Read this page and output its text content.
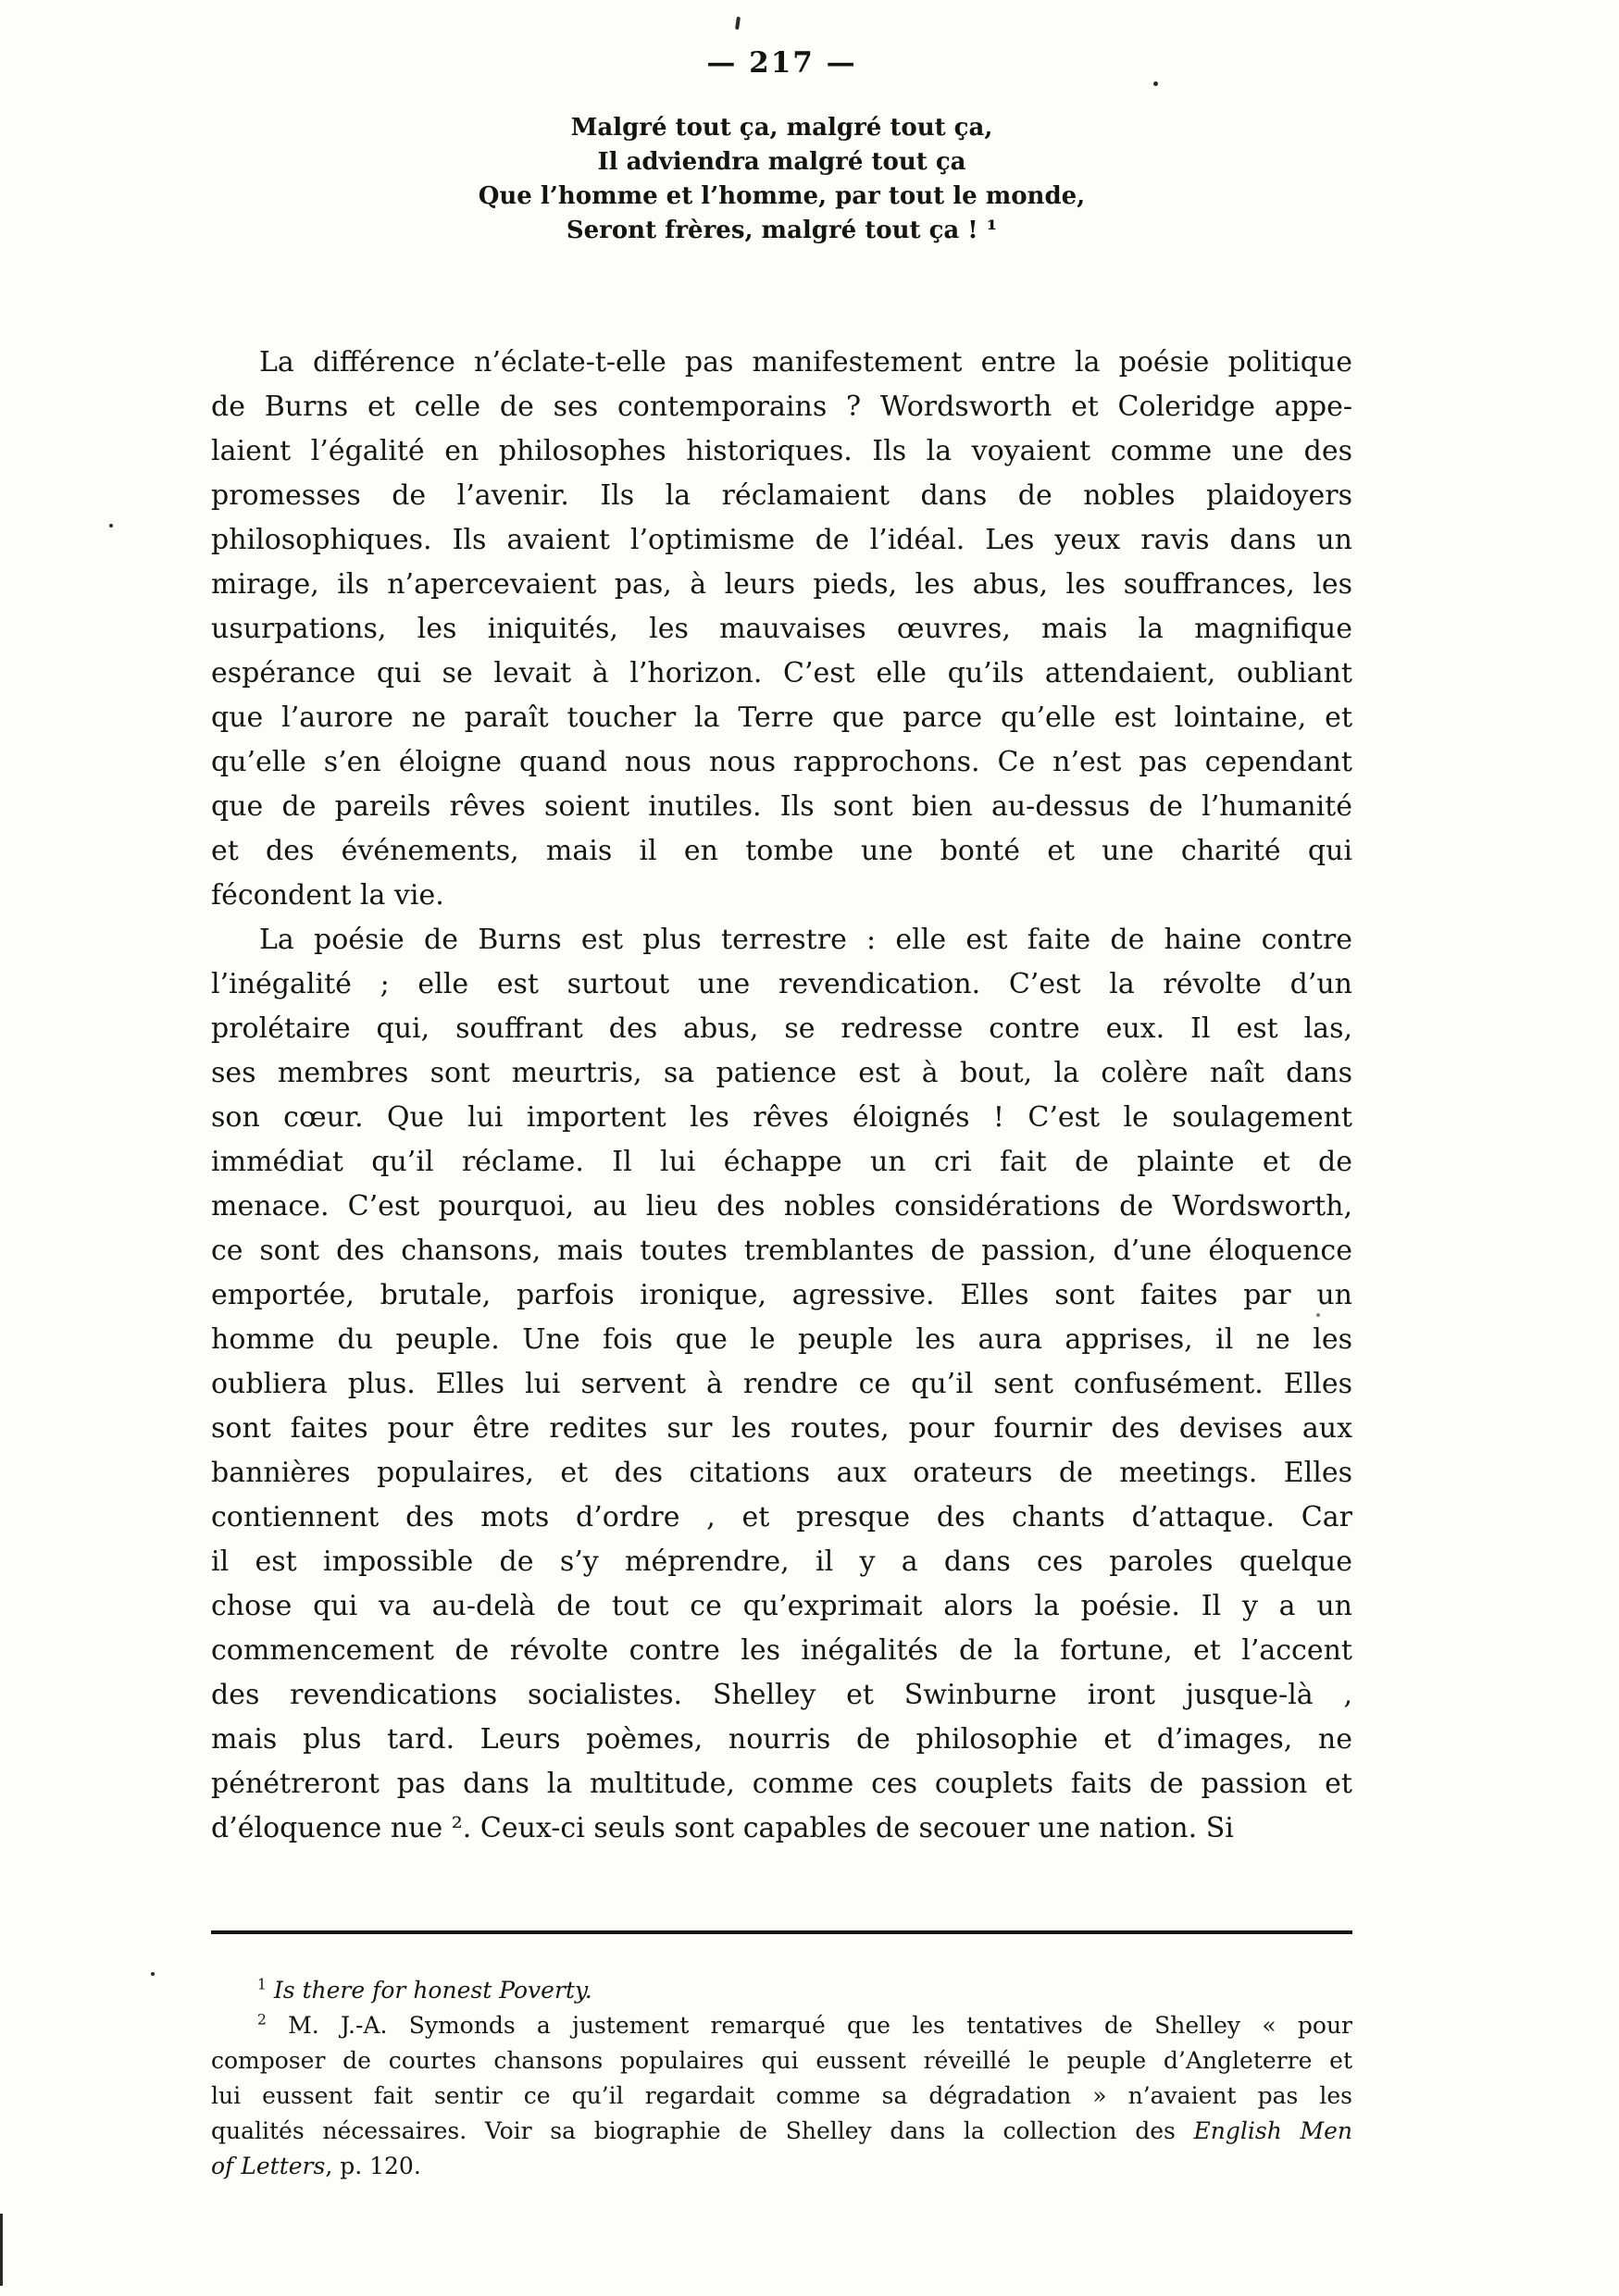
— 217 —
Malgré tout ça, malgré tout ça,
Il adviendra malgré tout ça
Que l’homme et l’homme, par tout le monde,
Seront frères, malgré tout ça ! ¹
La différence n’éclate-t-elle pas manifestement entre la poésie politique
de Burns et celle de ses contemporains ? Wordsworth et Coleridge appe-
laient l’égalité en philosophes historiques. Ils la voyaient comme une des
promesses de l’avenir. Ils la réclamaient dans de nobles plaidoyers
philosophiques. Ils avaient l’optimisme de l’idéal. Les yeux ravis dans un
mirage, ils n’apercevaient pas, à leurs pieds, les abus, les souffrances, les
usurpations, les iniquités, les mauvaises œuvres, mais la magnifique
espérance qui se levait à l’horizon. C’est elle qu’ils attendaient, oubliant
que l’aurore ne paraît toucher la Terre que parce qu’elle est lointaine, et
qu’elle s’en éloigne quand nous nous rapprochons. Ce n’est pas cependant
que de pareils rêves soient inutiles. Ils sont bien au-dessus de l’humanité
et des événements, mais il en tombe une bonté et une charité qui
fécondent la vie.
La poésie de Burns est plus terrestre : elle est faite de haine contre
l’inégalité ; elle est surtout une revendication. C’est la révolte d’un
prolétaire qui, souffrant des abus, se redresse contre eux. Il est las,
ses membres sont meurtris, sa patience est à bout, la colère naît dans
son cœur. Que lui importent les rêves éloignés ! C’est le soulagement
immédiat qu’il réclame. Il lui échappe un cri fait de plainte et de
menace. C’est pourquoi, au lieu des nobles considérations de Wordsworth,
ce sont des chansons, mais toutes tremblantes de passion, d’une éloquence
emportée, brutale, parfois ironique, agressive. Elles sont faites par un
homme du peuple. Une fois que le peuple les aura apprises, il ne les
oubliera plus. Elles lui servent à rendre ce qu’il sent confusément. Elles
sont faites pour être redites sur les routes, pour fournir des devises aux
bannières populaires, et des citations aux orateurs de meetings. Elles
contiennent des mots d’ordre , et presque des chants d’attaque. Car
il est impossible de s’y méprendre, il y a dans ces paroles quelque
chose qui va au-delà de tout ce qu’exprimait alors la poésie. Il y a un
commencement de révolte contre les inégalités de la fortune, et l’accent
des revendications socialistes. Shelley et Swinburne iront jusque-là ,
mais plus tard. Leurs poèmes, nourris de philosophie et d’images, ne
pénétreront pas dans la multitude, comme ces couplets faits de passion et
d’éloquence nue ². Ceux-ci seuls sont capables de secouer une nation. Si
$^1$ Is there for honest Poverty.
$^2$ M. J.-A. Symonds a justement remarqué que les tentatives de Shelley « pour
composer de courtes chansons populaires qui eussent réveillé le peuple d’Angleterre et
lui eussent fait sentir ce qu’il regardait comme sa dégradation » n’avaient pas les
qualités nécessaires. Voir sa biographie de Shelley dans la collection des English Men
of Letters, p. 120.
